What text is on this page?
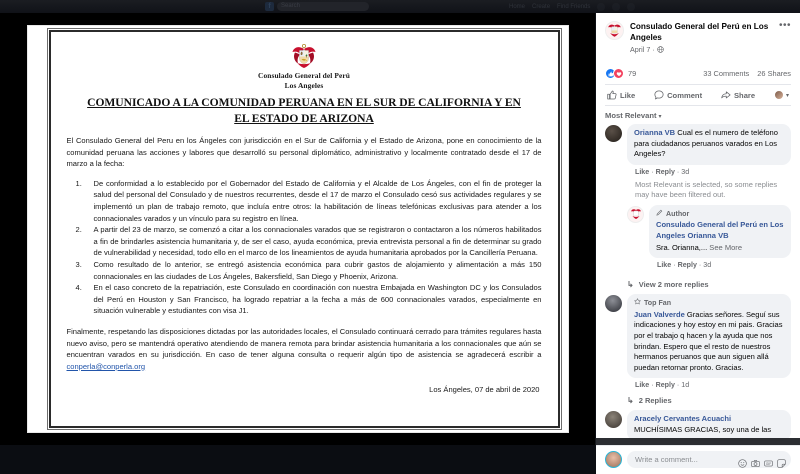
f	Search	Home Create Find Friends
Consulado General del Perú
Los Angeles
COMUNICADO A LA COMUNIDAD PERUANA EN EL SUR DE CALIFORNIA Y EN EL ESTADO DE ARIZONA

El Consulado General del Peru en los Ángeles con jurisdicción en el Sur de California y el Estado de Arizona, pone en conocimiento de la comunidad peruana las acciones y labores que desarrolló su personal diplomático, administrativo y localmente contratado desde el 17 de marzo a la fecha:

De conformidad a lo establecido por el Gobernador del Estado de California y el Alcalde de Los Ángeles, con el fin de proteger la salud del personal del Consulado y de nuestros recurrentes, desde el 17 de marzo el Consulado cesó sus actividades regulares y se implementó un plan de trabajo remoto, que incluía entre otros: la habilitación de líneas telefónicas exclusivas para atender a los connacionales varados y un vínculo para su registro en línea.
A partir del 23 de marzo, se comenzó a citar a los connacionales varados que se registraron o contactaron a los números habilitados a fin de brindarles asistencia humanitaria y, de ser el caso, ayuda económica, previa entrevista personal a fin de determinar su grado de vulnerabilidad y necesidad, todo ello en el marco de los lineamientos de ayuda humanitaria aprobados por la Cancillería Peruana.
Como resultado de lo anterior, se entregó asistencia económica para cubrir gastos de alojamiento y alimentación a más 150 connacionales en las ciudades de Los Ángeles, Bakersfield, San Diego y Phoenix, Arizona.
En el caso concreto de la repatriación, este Consulado en coordinación con nuestra Embajada en Washington DC y los Consulados del Perú en Houston y San Francisco, ha logrado repatriar a la fecha a más de 600 connacionales varados, especialmente en situación vulnerable y estudiantes con visa J1.

Finalmente, respetando las disposiciones dictadas por las autoridades locales, el Consulado continuará cerrado para trámites regulares hasta nuevo aviso, pero se mantendrá operativo atendiendo de manera remota para brindar asistencia humanitaria a los connacionales que aún se encuentran varados en su jurisdicción. En caso de tener alguna consulta o requerir algún tipo de asistencia se agradecerá escribir a conperla@conperla.org

Los Ángeles, 07 de abril de 2020
Consulado General del Perú en Los Angeles
April 7 ·
•••
79	33 Comments 26 Shares
Like	Comment	Share	▾
Most Relevant ▾
Orianna VB Cual es el numero de teléfono para ciudadanos peruanos varados en Los Angeles?
Like · Reply · 3d
Most Relevant is selected, so some replies may have been filtered out.
Author
Consulado General del Perú en Los Angeles Orianna VB
Sra. Orianna,... See More
Like · Reply · 3d
↳ View 2 more replies
Top Fan
Juan Valverde Gracias señores. Seguí sus indicaciones y hoy estoy en mi pais. Gracias por el trabajo q hacen y la ayuda que nos brindan. Espero que el resto de nuestros hermanos peruanos que aun siguen allá puedan retornar pronto. Gracias.
Like · Reply · 1d
↳ 2 Replies
Aracely Cervantes Acuachi
MUCHÍSIMAS GRACIAS, soy una de las
Write a comment...
GIF
